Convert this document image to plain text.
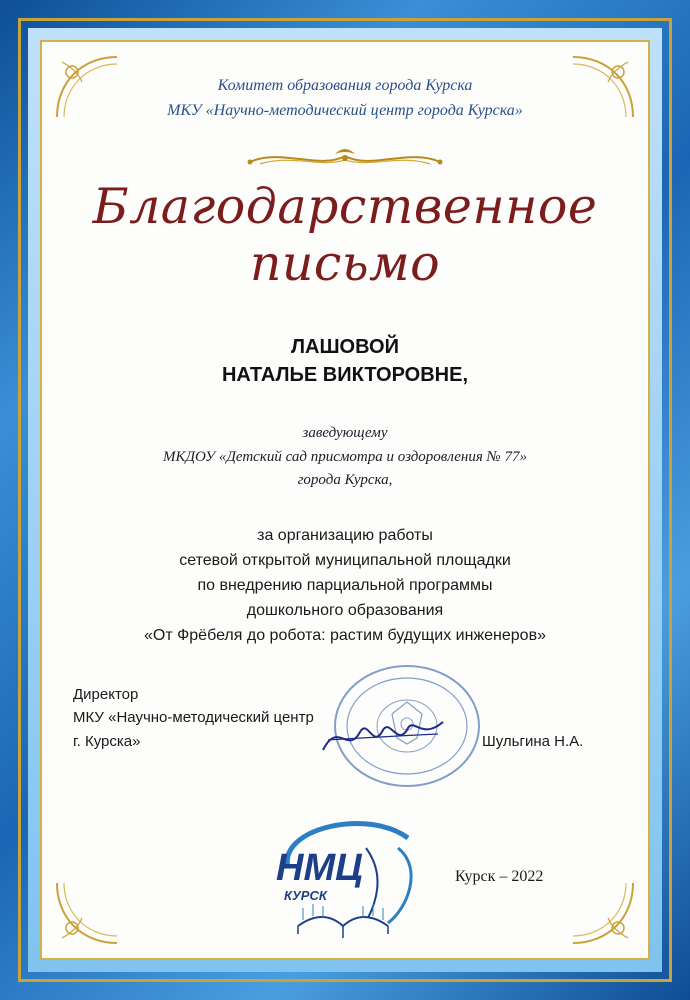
Комитет образования города Курска
МКУ «Научно-методический центр города Курска»
Благодарственное письмо
ЛАШОВОЙ
НАТАЛЬЕ ВИКТОРОВНЕ,
заведующему
МКДОУ «Детский сад присмотра и оздоровления № 77»
города Курска,
за организацию работы
сетевой открытой муниципальной площадки
по внедрению парциальной программы
дошкольного образования
«От Фрёбеля до робота: растим будущих инженеров»
Директор
МКУ «Научно-методический центр
г. Курска»	Шульгина Н.А.
НМЦ
КУРСК
Курск – 2022
